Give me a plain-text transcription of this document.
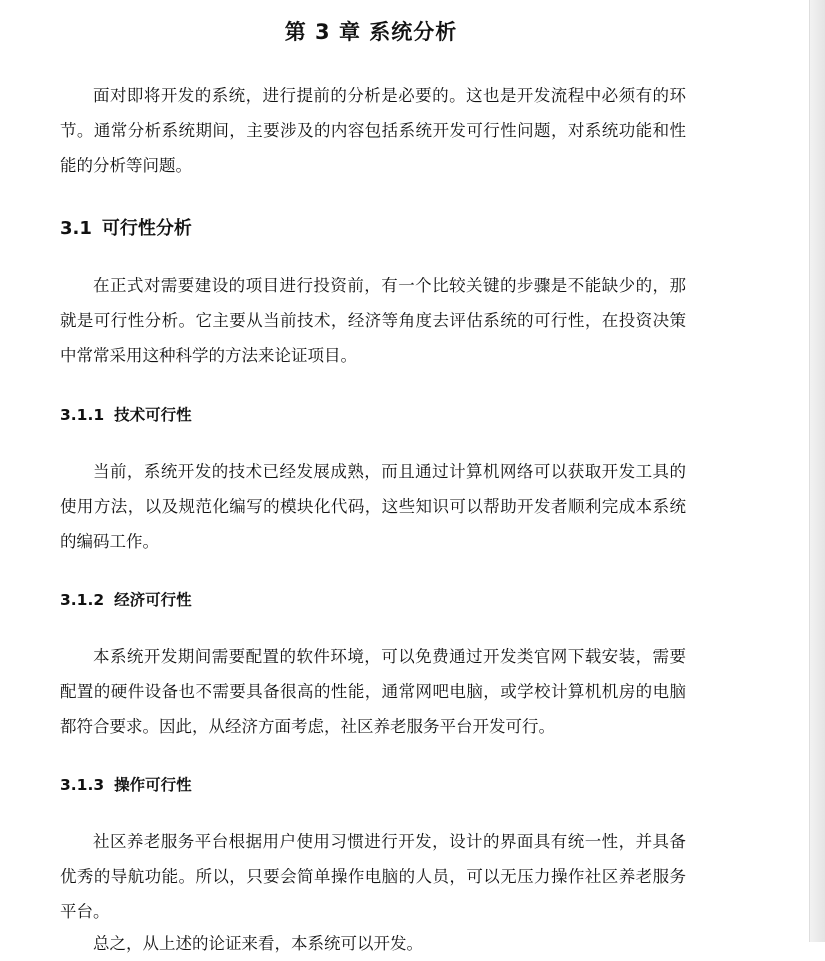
第 3 章 系统分析

面对即将开发的系统，进行提前的分析是必要的。这也是开发流程中必须有的环节。通常分析系统期间，主要涉及的内容包括系统开发可行性问题，对系统功能和性能的分析等问题。

3.1 可行性分析

在正式对需要建设的项目进行投资前，有一个比较关键的步骤是不能缺少的，那就是可行性分析。它主要从当前技术，经济等角度去评估系统的可行性，在投资决策中常常采用这种科学的方法来论证项目。

3.1.1 技术可行性

当前，系统开发的技术已经发展成熟，而且通过计算机网络可以获取开发工具的使用方法，以及规范化编写的模块化代码，这些知识可以帮助开发者顺利完成本系统的编码工作。

3.1.2 经济可行性

本系统开发期间需要配置的软件环境，可以免费通过开发类官网下载安装，需要配置的硬件设备也不需要具备很高的性能，通常网吧电脑，或学校计算机机房的电脑都符合要求。因此，从经济方面考虑，社区养老服务平台开发可行。

3.1.3 操作可行性

社区养老服务平台根据用户使用习惯进行开发，设计的界面具有统一性，并具备优秀的导航功能。所以，只要会简单操作电脑的人员，可以无压力操作社区养老服务平台。

总之，从上述的论证来看，本系统可以开发。
